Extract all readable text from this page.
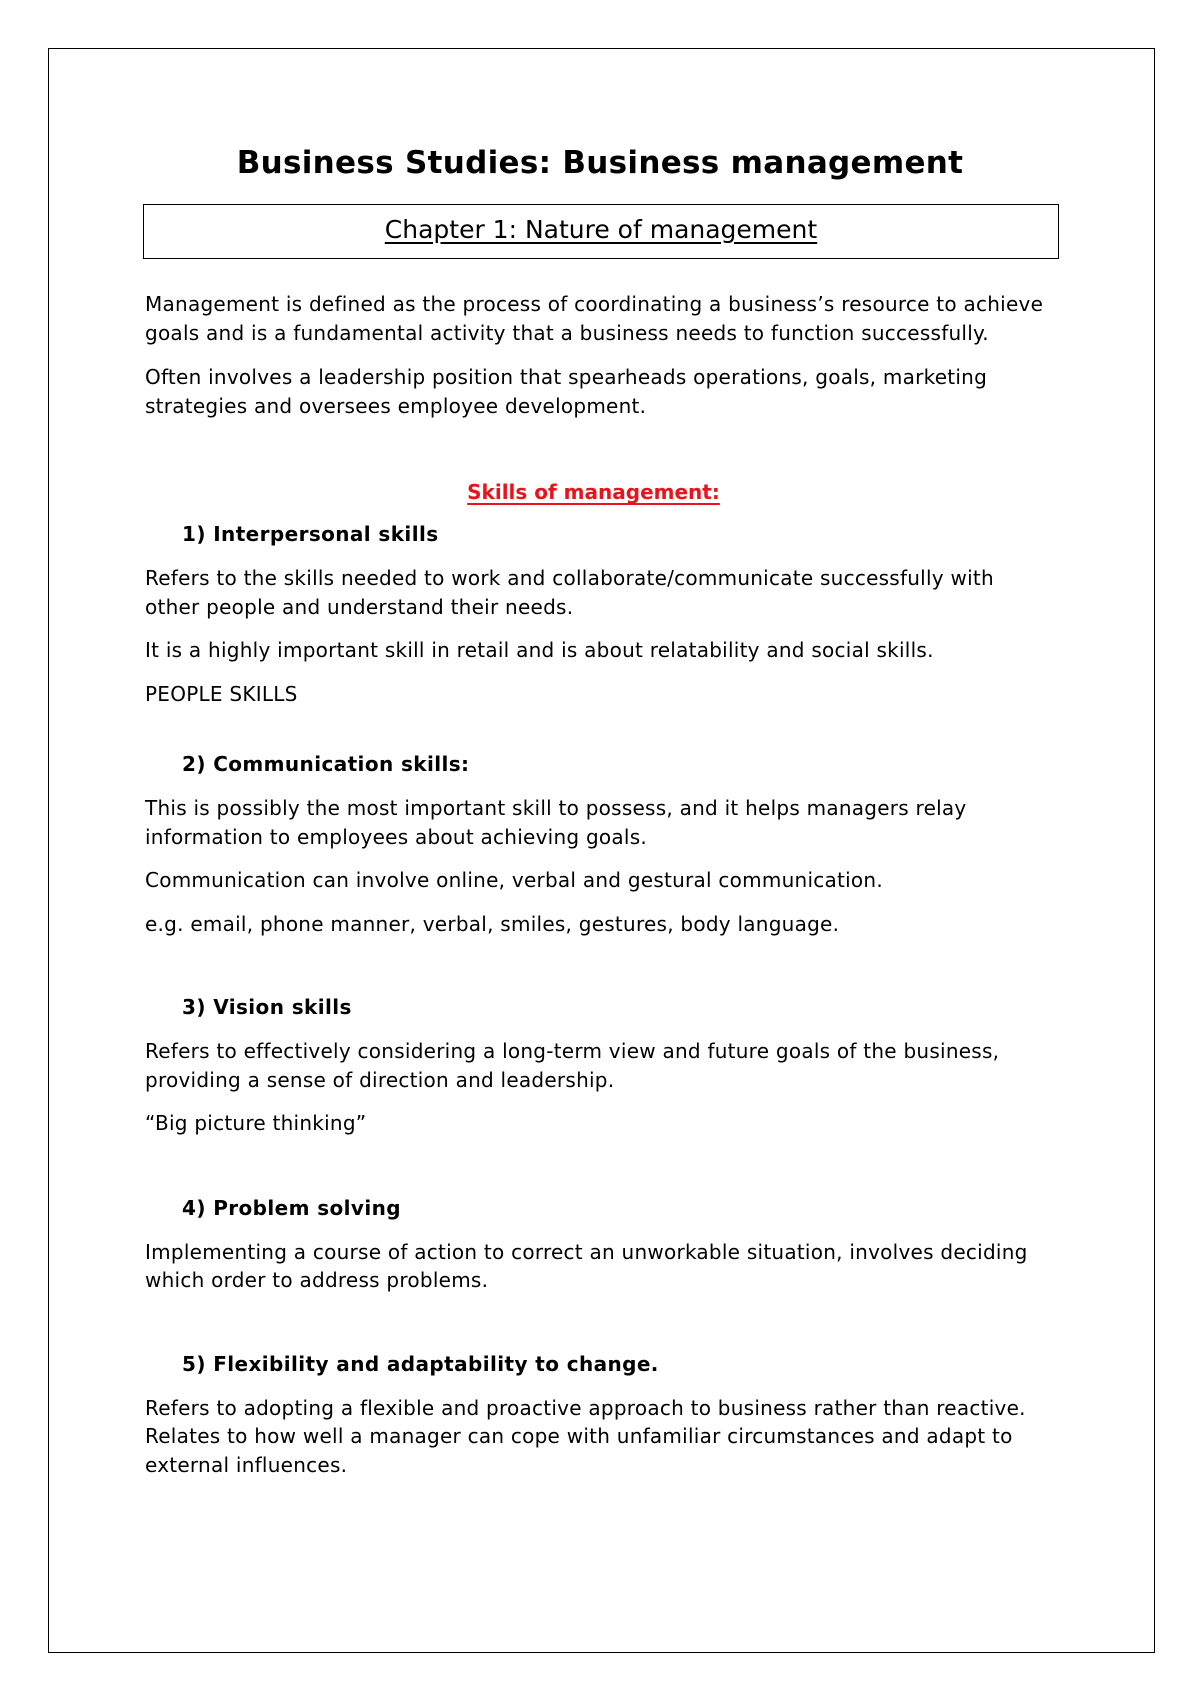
Business Studies: Business management
Chapter 1: Nature of management

Management is defined as the process of coordinating a business’s resource to achieve goals and is a fundamental activity that a business needs to function successfully.

Often involves a leadership position that spearheads operations, goals, marketing strategies and oversees employee development.

Skills of management:
1) Interpersonal skills

Refers to the skills needed to work and collaborate/communicate successfully with other people and understand their needs.

It is a highly important skill in retail and is about relatability and social skills.

PEOPLE SKILLS

2) Communication skills:

This is possibly the most important skill to possess, and it helps managers relay information to employees about achieving goals.

Communication can involve online, verbal and gestural communication.

e.g. email, phone manner, verbal, smiles, gestures, body language.

3) Vision skills

Refers to effectively considering a long-term view and future goals of the business, providing a sense of direction and leadership.

“Big picture thinking”

4) Problem solving

Implementing a course of action to correct an unworkable situation, involves deciding which order to address problems.

5) Flexibility and adaptability to change.

Refers to adopting a flexible and proactive approach to business rather than reactive. Relates to how well a manager can cope with unfamiliar circumstances and adapt to external influences.
